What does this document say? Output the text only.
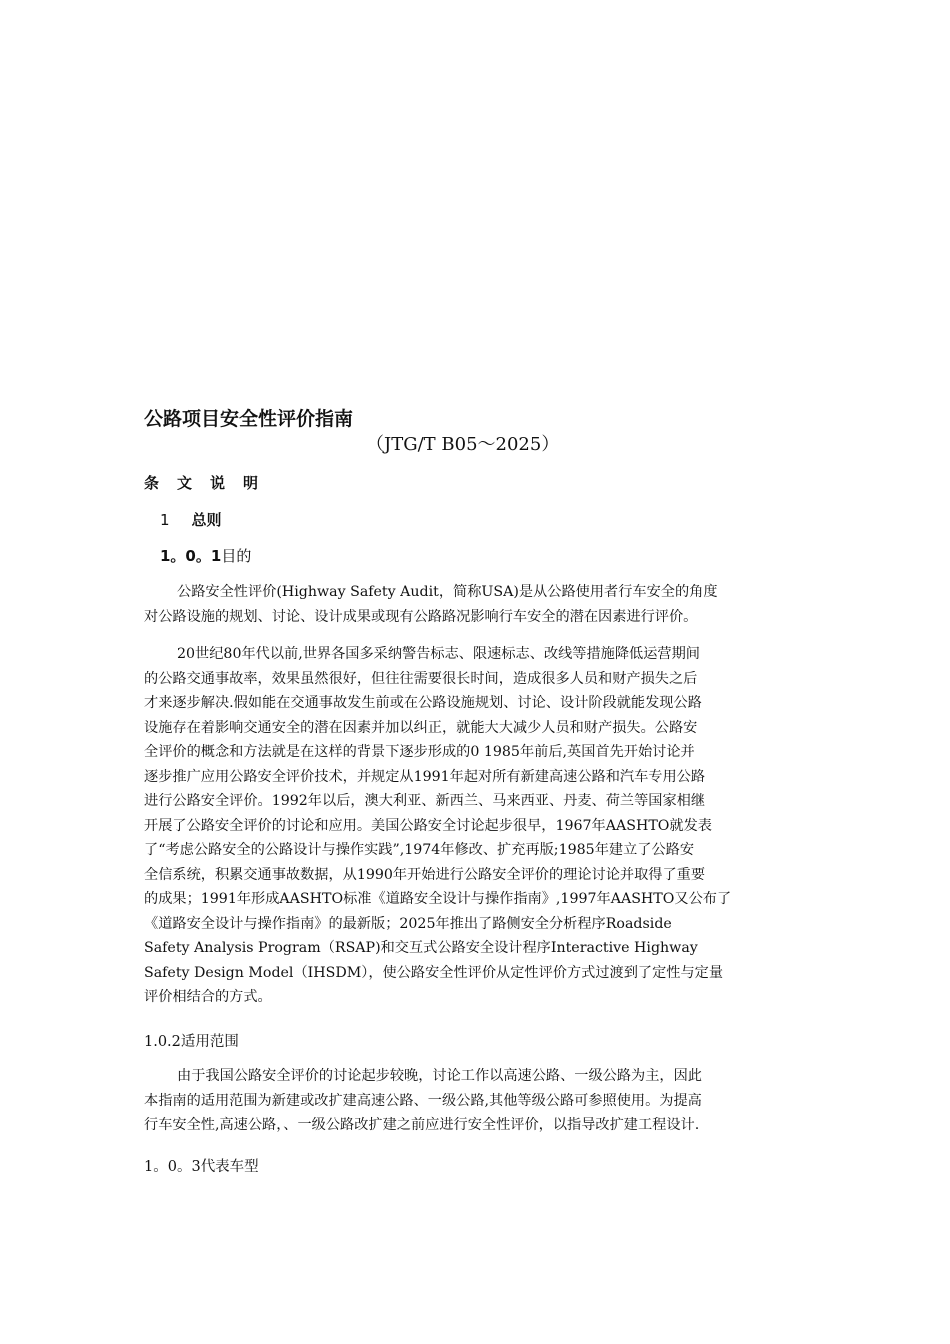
公路项目安全性评价指南
（JTG/T B05～2025）
条文说明
1 总则
1。0。1目的
公路安全性评价(Highway Safety Audit，简称USA)是从公路使用者行车安全的角度
对公路设施的规划、讨论、设计成果或现有公路路况影响行车安全的潜在因素进行评价。
20世纪80年代以前,世界各国多采纳警告标志、限速标志、改线等措施降低运营期间
的公路交通事故率，效果虽然很好，但往往需要很长时间，造成很多人员和财产损失之后
才来逐步解决.假如能在交通事故发生前或在公路设施规划、讨论、设计阶段就能发现公路
设施存在着影响交通安全的潜在因素并加以纠正，就能大大减少人员和财产损失。公路安
全评价的概念和方法就是在这样的背景下逐步形成的0 1985年前后,英国首先开始讨论并
逐步推广应用公路安全评价技术，并规定从1991年起对所有新建高速公路和汽车专用公路
进行公路安全评价。1992年以后，澳大利亚、新西兰、马来西亚、丹麦、荷兰等国家相继
开展了公路安全评价的讨论和应用。美国公路安全讨论起步很早，1967年AASHTO就发表
了“考虑公路安全的公路设计与操作实践”,1974年修改、扩充再版;1985年建立了公路安
全信系统，积累交通事故数据，从1990年开始进行公路安全评价的理论讨论并取得了重要
的成果；1991年形成AASHTO标准《道路安全设计与操作指南》,1997年AASHTO又公布了
《道路安全设计与操作指南》的最新版；2025年推出了路侧安全分析程序Roadside
Safety Analysis Program（RSAP)和交互式公路安全设计程序Interactive Highway
Safety Design Model（IHSDM），使公路安全性评价从定性评价方式过渡到了定性与定量
评价相结合的方式。
1.0.2适用范围
由于我国公路安全评价的讨论起步较晚，讨论工作以高速公路、一级公路为主，因此
本指南的适用范围为新建或改扩建高速公路、一级公路,其他等级公路可参照使用。为提高
行车安全性,高速公路，、一级公路改扩建之前应进行安全性评价，以指导改扩建工程设计.
1。0。3代表车型
